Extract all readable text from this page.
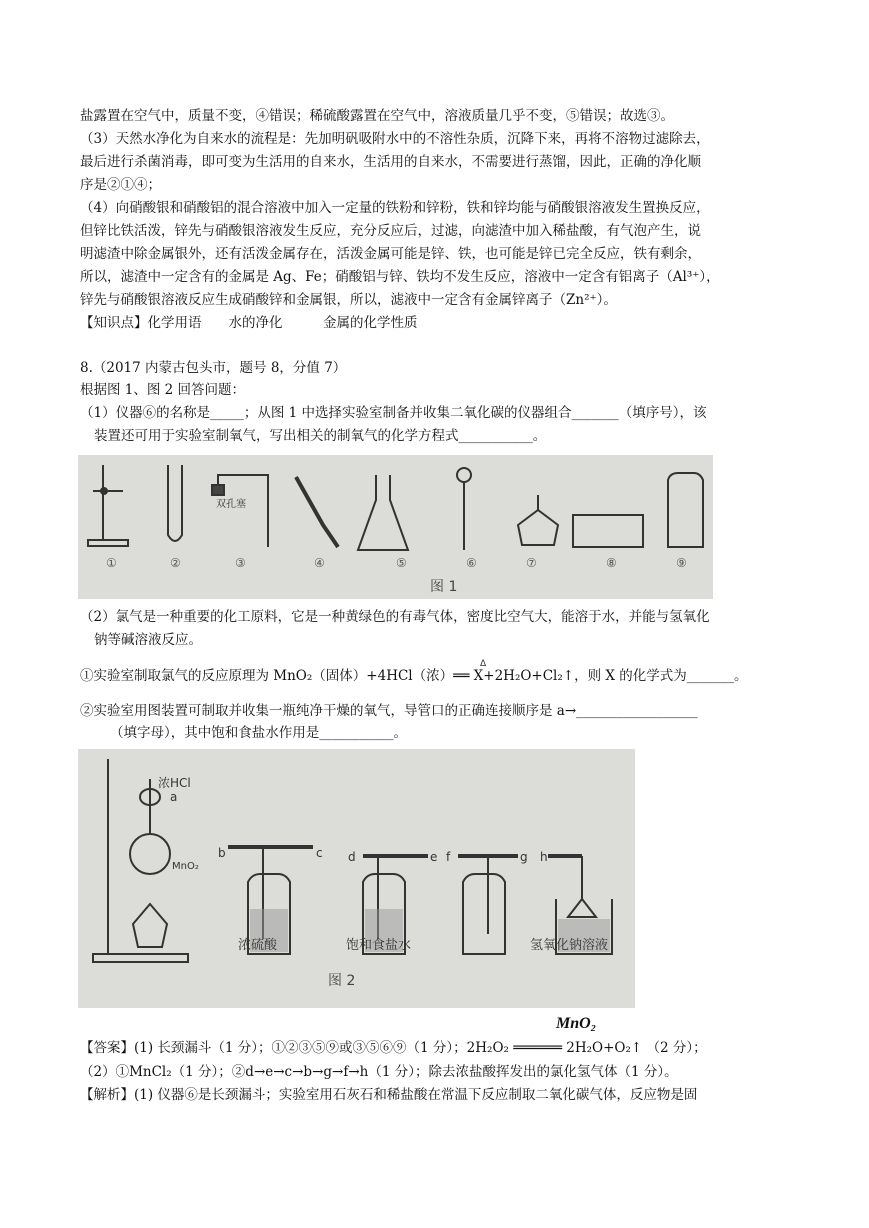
盐露置在空气中，质量不变，④错误；稀硫酸露置在空气中，溶液质量几乎不变，⑤错误；故选③。
（3）天然水净化为自来水的流程是：先加明矾吸附水中的不溶性杂质，沉降下来，再将不溶物过滤除去，
最后进行杀菌消毒，即可变为生活用的自来水，生活用的自来水，不需要进行蒸馏，因此，正确的净化顺
序是②①④；
（4）向硝酸银和硝酸铝的混合溶液中加入一定量的铁粉和锌粉，铁和锌均能与硝酸银溶液发生置换反应，
但锌比铁活泼，锌先与硝酸银溶液发生反应，充分反应后，过滤，向滤渣中加入稀盐酸，有气泡产生，说
明滤渣中除金属银外，还有活泼金属存在，活泼金属可能是锌、铁，也可能是锌已完全反应，铁有剩余，
所以，滤渣中一定含有的金属是 Ag、Fe；硝酸铝与锌、铁均不发生反应，溶液中一定含有铝离子（Al³⁺），
锌先与硝酸银溶液反应生成硝酸锌和金属银，所以，滤液中一定含有金属锌离子（Zn²⁺）。
【知识点】化学用语　　水的净化　　　金属的化学性质
8.（2017 内蒙古包头市，题号 8，分值 7）
根据图 1、图 2 回答问题：
（1）仪器⑥的名称是_____；从图 1 中选择实验室制备并收集二氧化碳的仪器组合_______（填序号），该
装置还可用于实验室制氧气，写出相关的制氧气的化学方程式___________。
双孔塞
①	②	③	④	⑤	⑥	⑦	⑧	⑨
图 1
（2）氯气是一种重要的化工原料，它是一种黄绿色的有毒气体，密度比空气大，能溶于水，并能与氢氧化
钠等碱溶液反应。
Δ
①实验室制取氯气的反应原理为 MnO₂（固体）+4HCl（浓）══ X+2H₂O+Cl₂↑，则 X 的化学式为_______。
②实验室用图装置可制取并收集一瓶纯净干燥的氧气，导管口的正确连接顺序是 a→__________________
（填字母），其中饱和食盐水作用是___________。
浓HCl
a
MnO₂
b	c d	e f	g h
浓硫酸	饱和食盐水	氢氧化钠溶液
图 2
MnO₂
【答案】(1) 长颈漏斗（1 分）；①②③⑤⑨或③⑤⑥⑨（1 分）；2H₂O₂ ══════ 2H₂O+O₂↑ （2 分）；
（2）①MnCl₂（1 分）；②d→e→c→b→g→f→h（1 分）；除去浓盐酸挥发出的氯化氢气体（1 分）。
【解析】(1) 仪器⑥是长颈漏斗；实验室用石灰石和稀盐酸在常温下反应制取二氧化碳气体，反应物是固
